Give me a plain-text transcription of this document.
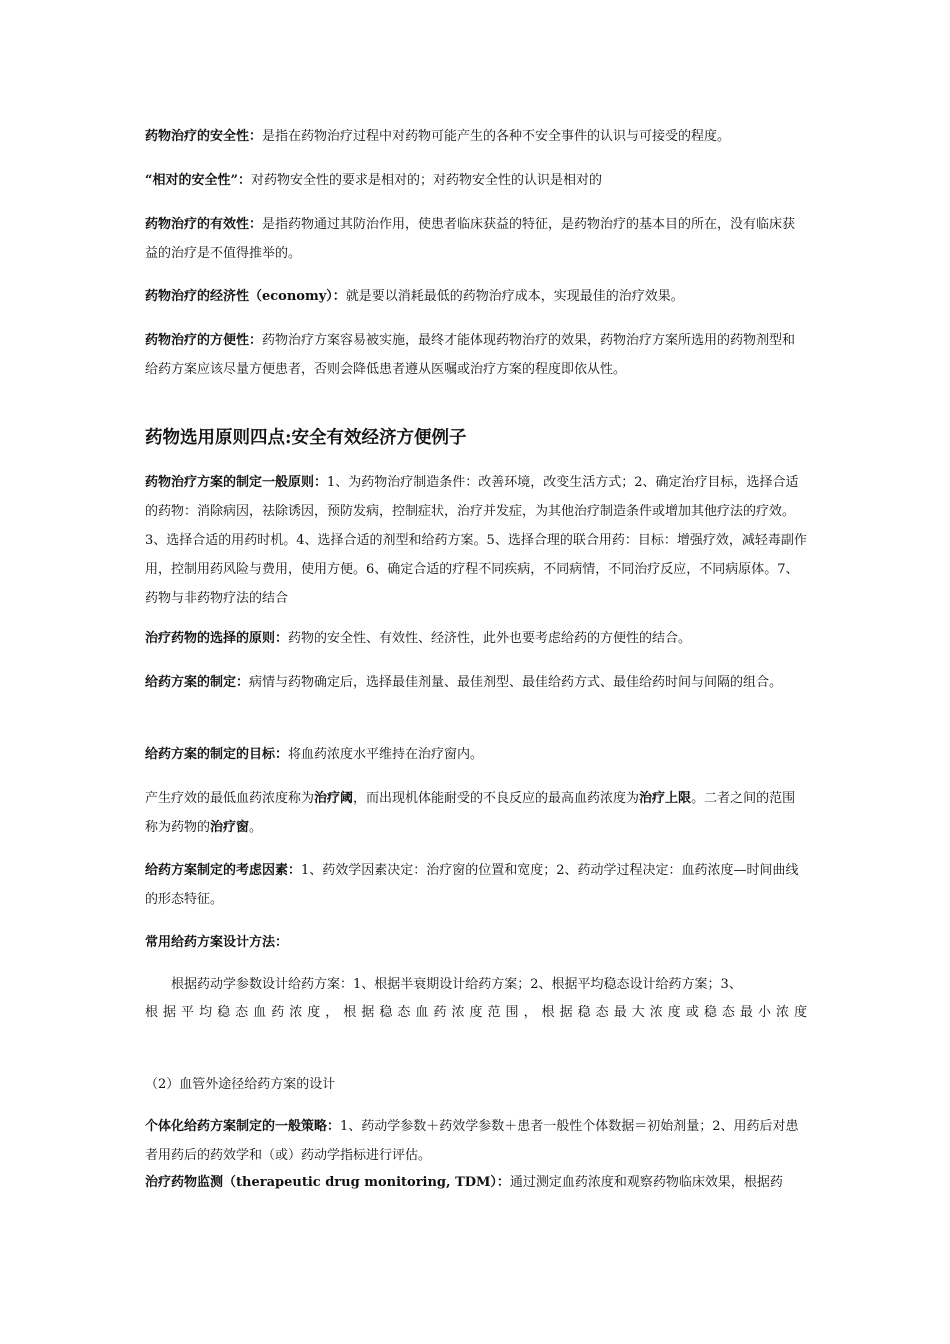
药物治疗的安全性：是指在药物治疗过程中对药物可能产生的各种不安全事件的认识与可接受的程度。

“相对的安全性”：对药物安全性的要求是相对的；对药物安全性的认识是相对的

药物治疗的有效性：是指药物通过其防治作用，使患者临床获益的特征，是药物治疗的基本目的所在，没有临床获益的治疗是不值得推举的。

药物治疗的经济性（economy）：就是要以消耗最低的药物治疗成本，实现最佳的治疗效果。

药物治疗的方便性：药物治疗方案容易被实施，最终才能体现药物治疗的效果，药物治疗方案所选用的药物剂型和给药方案应该尽量方便患者，否则会降低患者遵从医嘱或治疗方案的程度即依从性。

药物选用原则四点:安全有效经济方便例子

药物治疗方案的制定一般原则：1、为药物治疗制造条件：改善环境，改变生活方式；2、确定治疗目标，选择合适的药物：消除病因，祛除诱因，预防发病，控制症状，治疗并发症，为其他治疗制造条件或增加其他疗法的疗效。3、选择合适的用药时机。4、选择合适的剂型和给药方案。5、选择合理的联合用药：目标：增强疗效，减轻毒副作用，控制用药风险与费用，使用方便。6、确定合适的疗程不同疾病，不同病情，不同治疗反应，不同病原体。7、药物与非药物疗法的结合

治疗药物的选择的原则：药物的安全性、有效性、经济性，此外也要考虑给药的方便性的结合。

给药方案的制定：病情与药物确定后，选择最佳剂量、最佳剂型、最佳给药方式、最佳给药时间与间隔的组合。

给药方案的制定的目标：将血药浓度水平维持在治疗窗内。

产生疗效的最低血药浓度称为治疗阈，而出现机体能耐受的不良反应的最高血药浓度为治疗上限。二者之间的范围称为药物的治疗窗。

给药方案制定的考虑因素：1、药效学因素决定：治疗窗的位置和宽度；2、药动学过程决定：血药浓度—时间曲线的形态特征。

常用给药方案设计方法：

根据药动学参数设计给药方案：1、根据半衰期设计给药方案；2、根据平均稳态设计给药方案；3、

根据平均稳态血药浓度，根据稳态血药浓度范围，根据稳态最大浓度或稳态最小浓度

（2）血管外途径给药方案的设计

个体化给药方案制定的一般策略：1、药动学参数＋药效学参数＋患者一般性个体数据＝初始剂量；2、用药后对患者用药后的药效学和（或）药动学指标进行评估。

治疗药物监测（therapeutic drug monitoring, TDM）：通过测定血药浓度和观察药物临床效果，根据药
